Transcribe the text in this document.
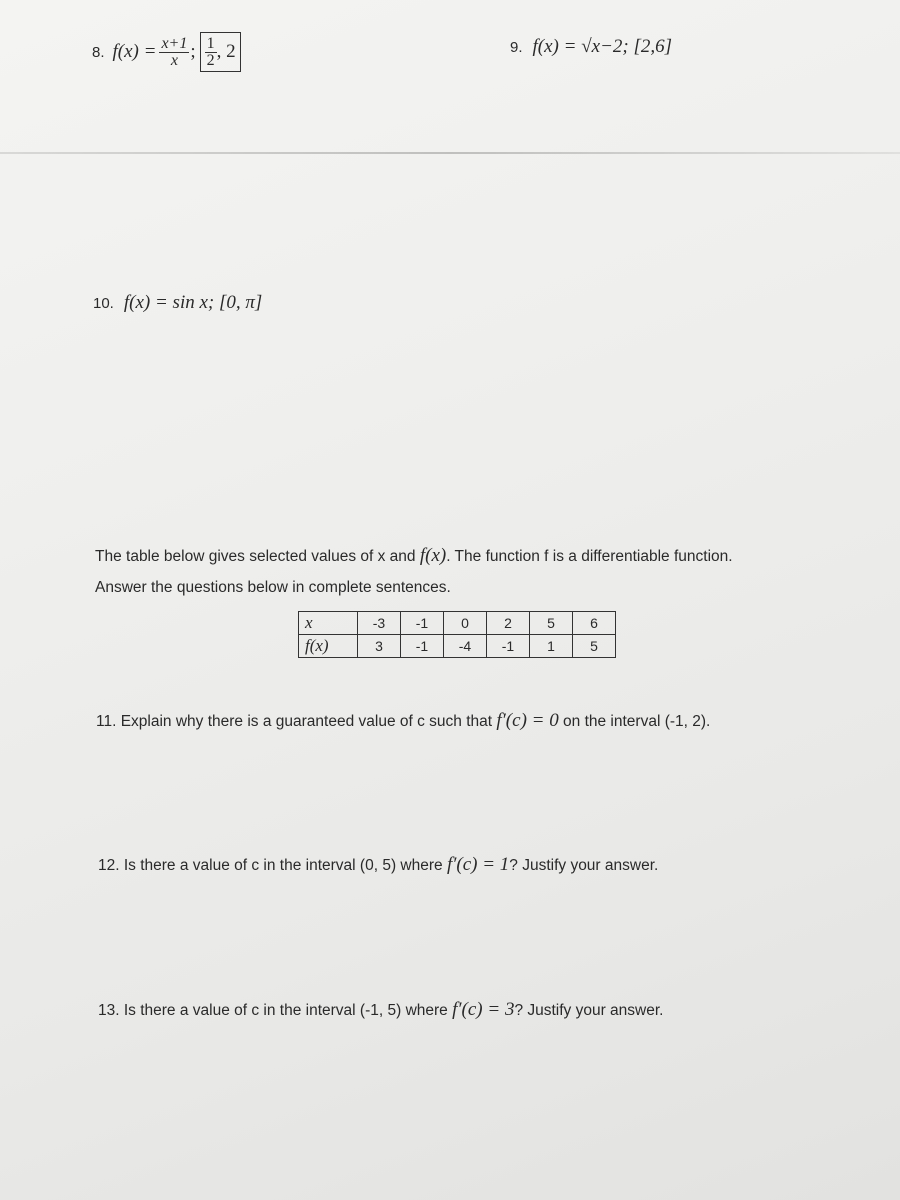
8. $f(x) = \frac{x+1}{x}$ ; $\frac{1}{2}$ , 2	9. f(x) = √x−2; [2,6]
10. f(x) = sin x; [0, π]
The table below gives selected values of x and f(x). The function f is a differentiable function.
Answer the questions below in complete sentences.
x	-3	-1	0	2	5	6
f(x)	3	-1	-4	-1	1	5
11. Explain why there is a guaranteed value of c such that f′(c) = 0 on the interval (-1, 2).
12. Is there a value of c in the interval (0, 5) where f′(c) = 1? Justify your answer.
13. Is there a value of c in the interval (-1, 5) where f′(c) = 3? Justify your answer.
